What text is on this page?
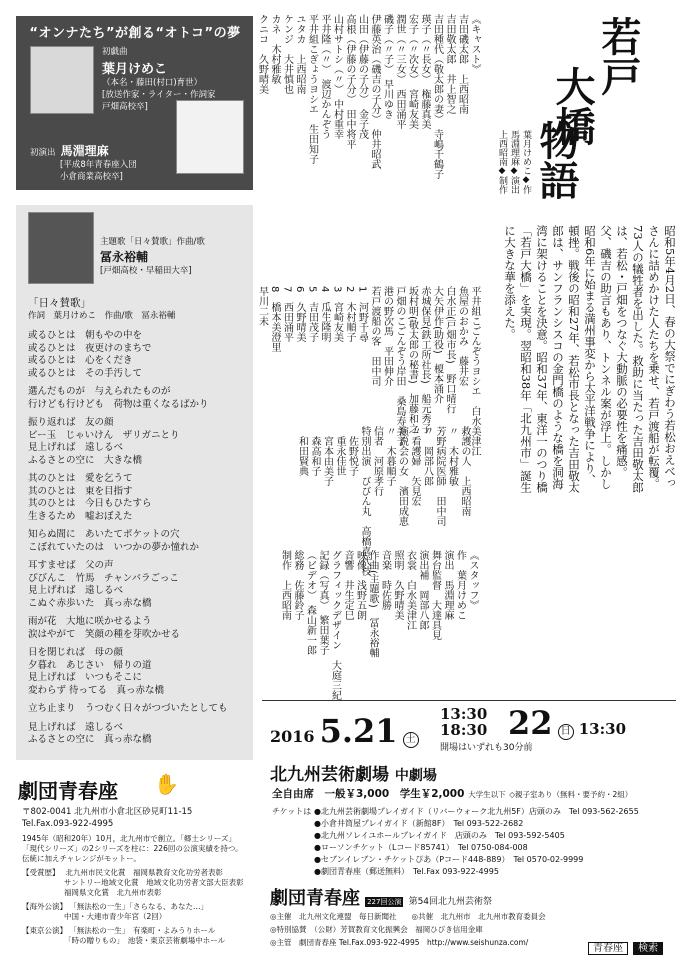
“オンナたち”が創る“オトコ”の夢
初戯曲
葉月けめこ
（本名・藤田(村口)育世）
[放送作家・ライター・作詞家
戸畑高校卒]
初演出 馬淵理麻
[平成8年青春座入団
小倉商業高校卒]
主題歌「日々賛歌」作曲/歌
冨永裕輔
[戸畑高校・早稲田大卒]
「日々賛歌」
作詞　葉月けめこ　作曲/歌　冨永裕輔
或るひとは　朝もやの中を
或るひとは　夜更けのまちで
或るひとは　心をくだき
或るひとは　その手汚して
選んだものが　与えられたものが
行けども行けども　荷物は重くなるばかり
振り返れば　友の顔
ビー玉　じゃいけん　ザリガニとり
見上げれば　遠しるべ
ふるさとの空に　大きな橋
其のひとは　愛を乞うて
其のひとは　東を目指す
其のひとは　今日もひたすら
生きるため　嘘おぼえた
知らぬ間に　あいたてポケットの穴
こぼれていたのは　いつかの夢か憧れか
耳すませば　父の声
ぴびんこ　竹馬　チャンバラごっこ
見上げれば　遠しるべ
こぬぐ赤歩いた　真っ赤な橋
雨が花　大地に咲かせるよう
涙はやがて　笑顔の種を芽吹かせる
日を閉じれば　母の顔
夕暮れ　あじさい　帰りの道
見上げれば　いつもそこに
変わらず 待ってる　真っ赤な橋
立ち止まり　うつむく日々がつづいたとしても
見上げれば　遠しるべ
ふるさとの空に　真っ赤な橋
劇団青春座 ✋
〒802-0041 北九州市小倉北区砂見町11-15
Tel.Fax.093-922-4995
1945年（昭和20年）10月，北九州市で創立。「郷土シリーズ」
「現代シリーズ」の2シリーズを柱に：226回の公演実績を持つ。
伝統に加えチャレンジがモットー。
【受賞歴】 北九州市民文化賞　福岡県教育文化功労者表彰
サントリー地域文化賞　地域文化功労者文部大臣表彰
福岡県文化賞　北九州市表彰
【海外公演】 「無法松の一生」「さらなる、あなた…」
中国・大連市青少年宮（2回）
【東京公演】 「無法松の一生」　有楽町・よみうりホール
「時の贈りもの」　池袋・東京芸術劇場中ホール
若戸
大橋
物語
葉月けめこ◆作
馬淵理麻◆演出
上西昭南◆制作
昭和5年4月2日、春の大祭でにぎわう若松おえべっさんに詰めかけた人たちを乗せ、若戸渡船が転覆。73人の犠牲者を出した。救助に当たった吉田敬太郎は、若松・戸畑をつなぐ大動脈の必要性を痛感。父、磯吉の助言もあり、トンネル案が浮上。しかし昭和6年に始まる満州事変から太平洋戦争により、頓挫。戦後の昭和27年、若松市長となった吉田敬太郎は、サンフランシスコの金門橋のような橋を洞海湾に架けることを決意。昭和37年、東洋一のつり橋「若戸大橋」を実現。翌昭和38年「北九州市」誕生に大きな華を添えた。
《キャスト》
吉田磯太郎　上西昭南
吉田敬太郎　井上智之
吉田種代（敬太郎の妻）　寺嶋千鶴子
瑛子（〃長女）　権藤真美
宏子（〃次女）　宮崎友美
潤世（〃三女）　西田涌平
磯子（〃子）　早川ゆき
伊藤英治（磯吉の子分）　仲井昭武
山田（伊藤の子分）　金子茂
高根（伊藤の子分）　田中将平
山村サトシ（〃）　中村重幸
平井隆（〃）　渡辺かんぞう
平井組こぎょうヨシエ　生田知子
ユタカ　上西昭南
ケンジ　大井慎也
カネ　木村雅敏
クニコ　久野晴美
平井組こごんぞうヨシエ　白水美津江
魚屋のおかみ　藤井宏
白水正(戸畑市長)　野口晴行
大矢伊作(助役)　榎本涌介
赤城保見(鉄工所社長)　船元秀子
坂村明(敬太郎の秘書)　加藤和之
戸畑のこごんぞう岸田　桑島寿美子
港の野次馬　平田伸介
若戸渡船の客　田中司
1　河野千尋
2　木村順子
3　宮崎友美
4　瓜生隆明
5　吉田茂子
6　久野晴美
7　西田涌平
8　橋本美澄里
早川二未
救護の人　上西昭南
〃　木村雅敏
芳野病院医師　田中司
〃　岡部八郎
〃看護婦　矢見宏
演説会の女　濱田成恵
〃　木暮順子
信者　河原孝行
特別出演　びびん丸　高橋喜代枝
　佐野悦子
　重永佳世
　宮本由美子
　森高和子
　和田賢典
《スタッフ》
作　葉月けめこ
演出　馬淵理麻
舞台監督　大達具見
演出補　岡部八郎
衣裳　白水美津江
照明　久野晴美
音楽　時佐勝
作曲(主題歌)　冨永裕輔
映像　浅野五朗
音響　井生定巳
グラフィックデザイン　大庭三紀
記録（写真）　繁田葉子
（ビデオ）　森山新一郎
総務　佐藤鈴子
制作　上西昭南
2016 5.21 土
13:30
18:30 22 日 13:30
開場はいずれも30分前
北九州芸術劇場 中劇場
全自由席　一般￥3,000　学生￥2,000 大学生以下 ◇親子室あり（無料・要予約・2組）
チケットは ●北九州芸術劇場プレイガイド（リバーウォーク北九州5F）店頭のみ　Tel 093-562-2655
●小倉井筒屋プレイガイド（新館8F）　Tel 093-522-2682
●北九州ソレイユホールプレイガイド　店頭のみ　Tel 093-592-5405
●ローソンチケット（Lコード85741）　Tel 0750-084-008
●セブンイレブン・チケットぴあ（Pコード448-889）　Tel 0570-02-9999
●劇団青春座（郵送無料）　Tel.Fax 093-922-4995
劇団青春座 227回公演 第54回北九州芸術祭
◎主催　北九州文化連盟　毎日新聞社　　◎共催　北九州市　北九州市教育委員会
◎特別協賛　（公財）芳賀教育文化振興会　福岡ひびき信用金庫
◎主管　劇団青春座 Tel.Fax.093-922-4995　http://www.seishunza.com/
青春座 検索
